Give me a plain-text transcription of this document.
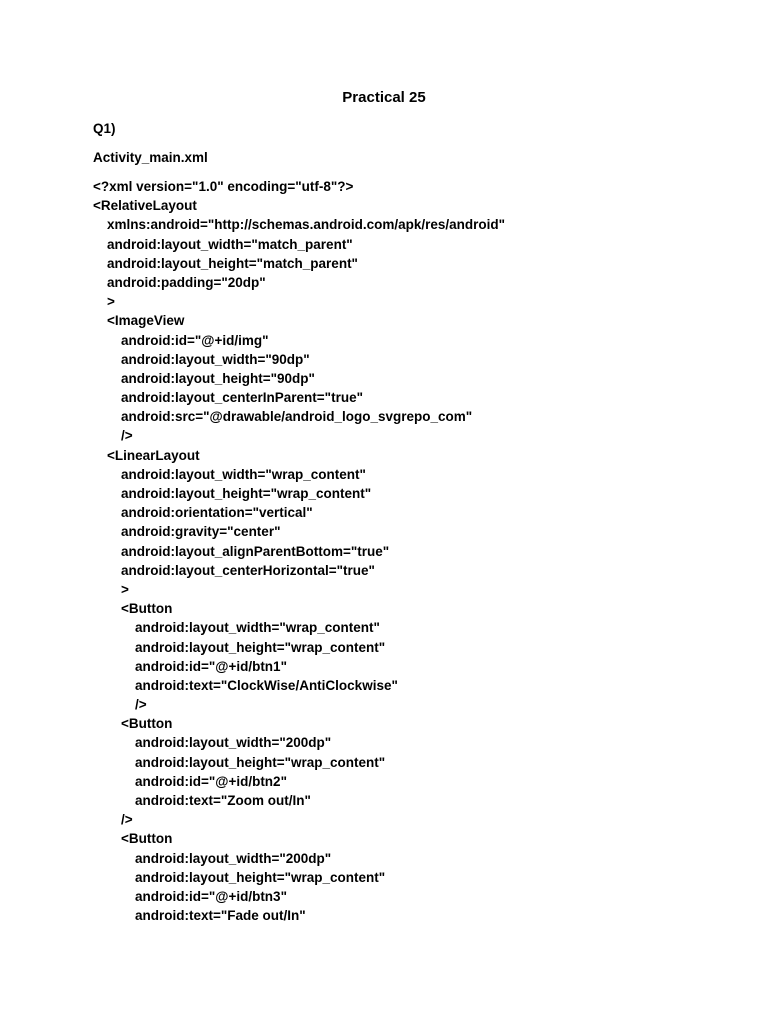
Practical 25
Q1)
Activity_main.xml
<?xml version="1.0" encoding="utf-8"?>
<RelativeLayout
xmlns:android="http://schemas.android.com/apk/res/android"
android:layout_width="match_parent"
android:layout_height="match_parent"
android:padding="20dp"
>
<ImageView
android:id="@+id/img"
android:layout_width="90dp"
android:layout_height="90dp"
android:layout_centerInParent="true"
android:src="@drawable/android_logo_svgrepo_com"
/>
<LinearLayout
android:layout_width="wrap_content"
android:layout_height="wrap_content"
android:orientation="vertical"
android:gravity="center"
android:layout_alignParentBottom="true"
android:layout_centerHorizontal="true"
>
<Button
android:layout_width="wrap_content"
android:layout_height="wrap_content"
android:id="@+id/btn1"
android:text="ClockWise/AntiClockwise"
/>
<Button
android:layout_width="200dp"
android:layout_height="wrap_content"
android:id="@+id/btn2"
android:text="Zoom out/In"
/>
<Button
android:layout_width="200dp"
android:layout_height="wrap_content"
android:id="@+id/btn3"
android:text="Fade out/In"
